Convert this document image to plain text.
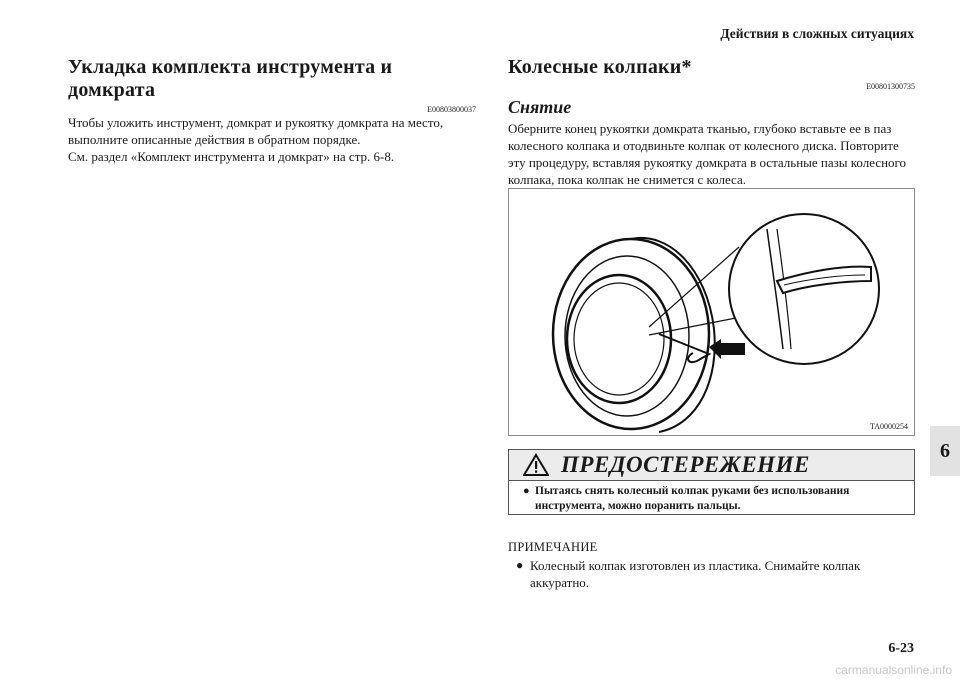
Действия в сложных ситуациях
6
Укладка комплекта инструмента и домкрата
E00803800037

Чтобы уложить инструмент, домкрат и рукоятку домкрата на место, выполните описанные действия в обратном порядке.

См. раздел «Комплект инструмента и домкрат» на стр. 6-8.

Колесные колпаки*
E00801300735
Снятие

Оберните конец рукоятки домкрата тканью, глубоко вставьте ее в паз колесного колпака и отодвиньте колпак от колесного диска. Повторите эту процедуру, вставляя рукоятку домкрата в остальные пазы колесного колпака, пока колпак не снимется с колеса.

TA0000254
ПРЕДОСТЕРЕЖЕНИЕ
● Пытаясь снять колесный колпак руками без использования инструмента, можно поранить пальцы.
ПРИМЕЧАНИЕ

● Колесный колпак изготовлен из пластика. Снимайте колпак аккуратно.

6-23
carmanualsonline.info
